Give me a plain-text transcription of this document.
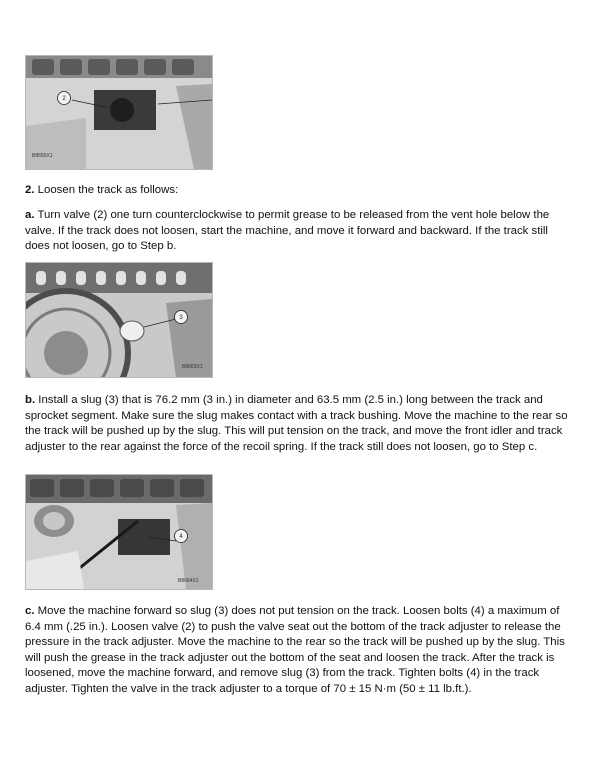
2
B8655X1

2. Loosen the track as follows:

a. Turn valve (2) one turn counterclockwise to permit grease to be released from the vent hole below the valve. If the track does not loosen, start the machine, and move it forward and backward. If the track still does not loosen, go to Step b.

3
B8663X1

b. Install a slug (3) that is 76.2 mm (3 in.) in diameter and 63.5 mm (2.5 in.) long between the track and sprocket segment. Make sure the slug makes contact with a track bushing. Move the machine to the rear so the track will be pushed up by the slug. This will put tension on the track, and move the front idler and track adjuster to the rear against the force of the recoil spring. If the track still does not loosen, go to Step c.

4
B8664X1

c. Move the machine forward so slug (3) does not put tension on the track. Loosen bolts (4) a maximum of 6.4 mm (.25 in.). Loosen valve (2) to push the valve seat out the bottom of the track adjuster to release the pressure in the track adjuster. Move the machine to the rear so the track will be pushed up by the slug. This will push the grease in the track adjuster out the bottom of the seat and loosen the track. After the track is loosened, move the machine forward, and remove slug (3) from the track. Tighten bolts (4) in the track adjuster. Tighten the valve in the track adjuster to a torque of 70 ± 15 N·m (50 ± 11 lb.ft.).
